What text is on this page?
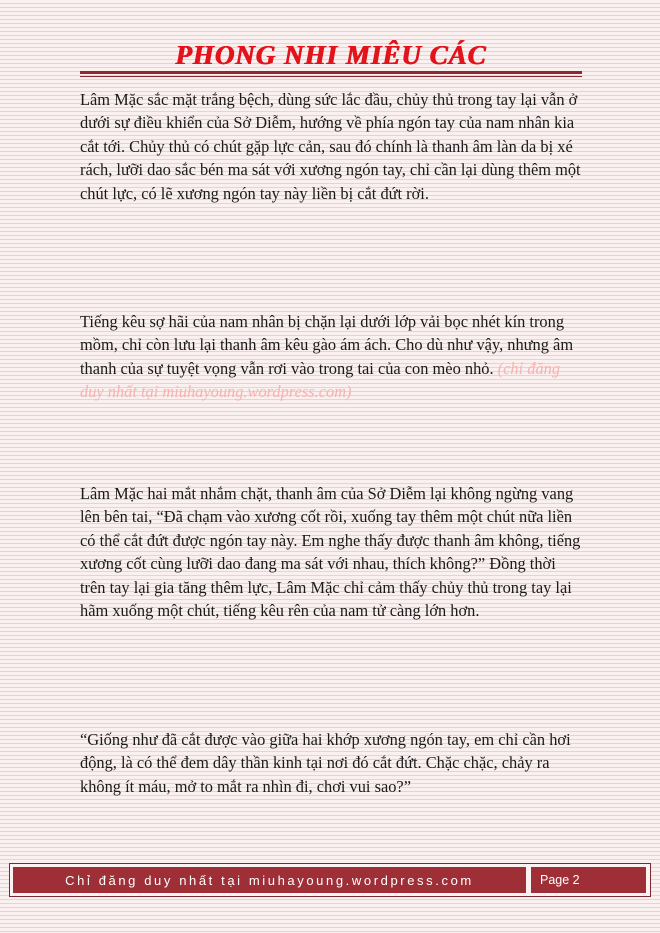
PHONG NHI MIÊU CÁC

Lâm Mặc sắc mặt trắng bệch, dùng sức lắc đầu, chủy thủ trong tay lại vẫn ở dưới sự điều khiển của Sở Diễm, hướng về phía ngón tay của nam nhân kia cắt tới. Chủy thủ có chút gặp lực cản, sau đó chính là thanh âm làn da bị xé rách, lưỡi dao sắc bén ma sát với xương ngón tay, chỉ cần lại dùng thêm một chút lực, có lẽ xương ngón tay này liền bị cắt đứt rời.

Tiếng kêu sợ hãi của nam nhân bị chặn lại dưới lớp vải bọc nhét kín trong mồm, chỉ còn lưu lại thanh âm kêu gào ám ách. Cho dù như vậy, nhưng âm thanh của sự tuyệt vọng vẫn rơi vào trong tai của con mèo nhỏ. (chỉ đăng duy nhất tại miuhayoung.wordpress.com)

Lâm Mặc hai mắt nhắm chặt, thanh âm của Sở Diễm lại không ngừng vang lên bên tai, “Đã chạm vào xương cốt rồi, xuống tay thêm một chút nữa liền có thể cắt đứt được ngón tay này. Em nghe thấy được thanh âm không, tiếng xương cốt cùng lưỡi dao đang ma sát với nhau, thích không?” Đồng thời trên tay lại gia tăng thêm lực, Lâm Mặc chỉ cảm thấy chủy thủ trong tay lại hãm xuống một chút, tiếng kêu rên của nam tử càng lớn hơn.

“Giống như đã cắt được vào giữa hai khớp xương ngón tay, em chỉ cần hơi động, là có thể đem dây thần kinh tại nơi đó cắt đứt. Chặc chặc, chảy ra không ít máu, mở to mắt ra nhìn đi, chơi vui sao?”

Chỉ đăng duy nhất tại miuhayoung.wordpress.com	Page 2
